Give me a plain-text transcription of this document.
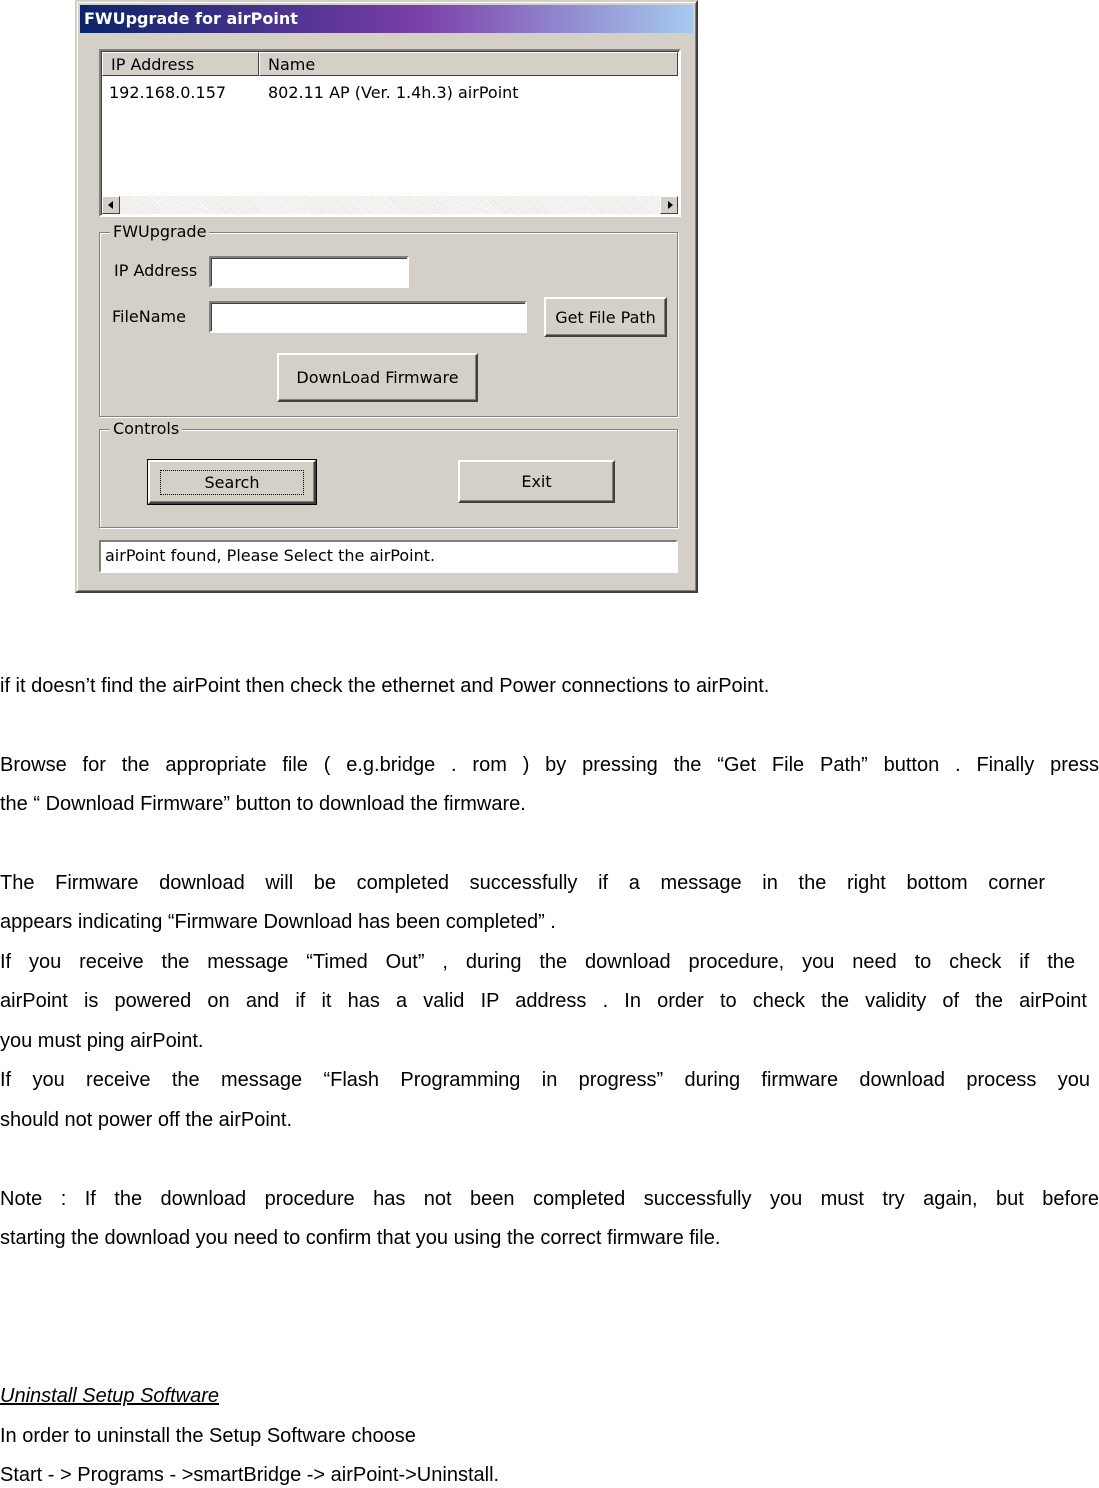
FWUpgrade for airPoint
IP Address	Name
192.168.0.157	802.11 AP (Ver. 1.4h.3) airPoint
FWUpgrade
IP Address
FileName	Get File Path
DownLoad Firmware
Controls
Search	Exit
airPoint found, Please Select the airPoint.
if it doesn’t find the airPoint then check the ethernet and Power connections to airPoint.
Browse for the appropriate file ( e.g.bridge . rom ) by pressing the “Get File Path” button . Finally press
the “ Download Firmware” button to download the firmware.
The Firmware download will be completed successfully if a message in the right bottom corner
appears indicating “Firmware Download has been completed” .
If you receive the message “Timed Out” , during the download procedure, you need to check if the
airPoint is powered on and if it has a valid IP address . In order to check the validity of the airPoint
you must ping airPoint.
If you receive the message “Flash Programming in progress” during firmware download process you
should not power off the airPoint.
Note : If the download procedure has not been completed successfully you must try again, but before
starting the download you need to confirm that you using the correct firmware file.
Uninstall Setup Software
In order to uninstall the Setup Software choose
Start - > Programs - >smartBridge -> airPoint->Uninstall.
